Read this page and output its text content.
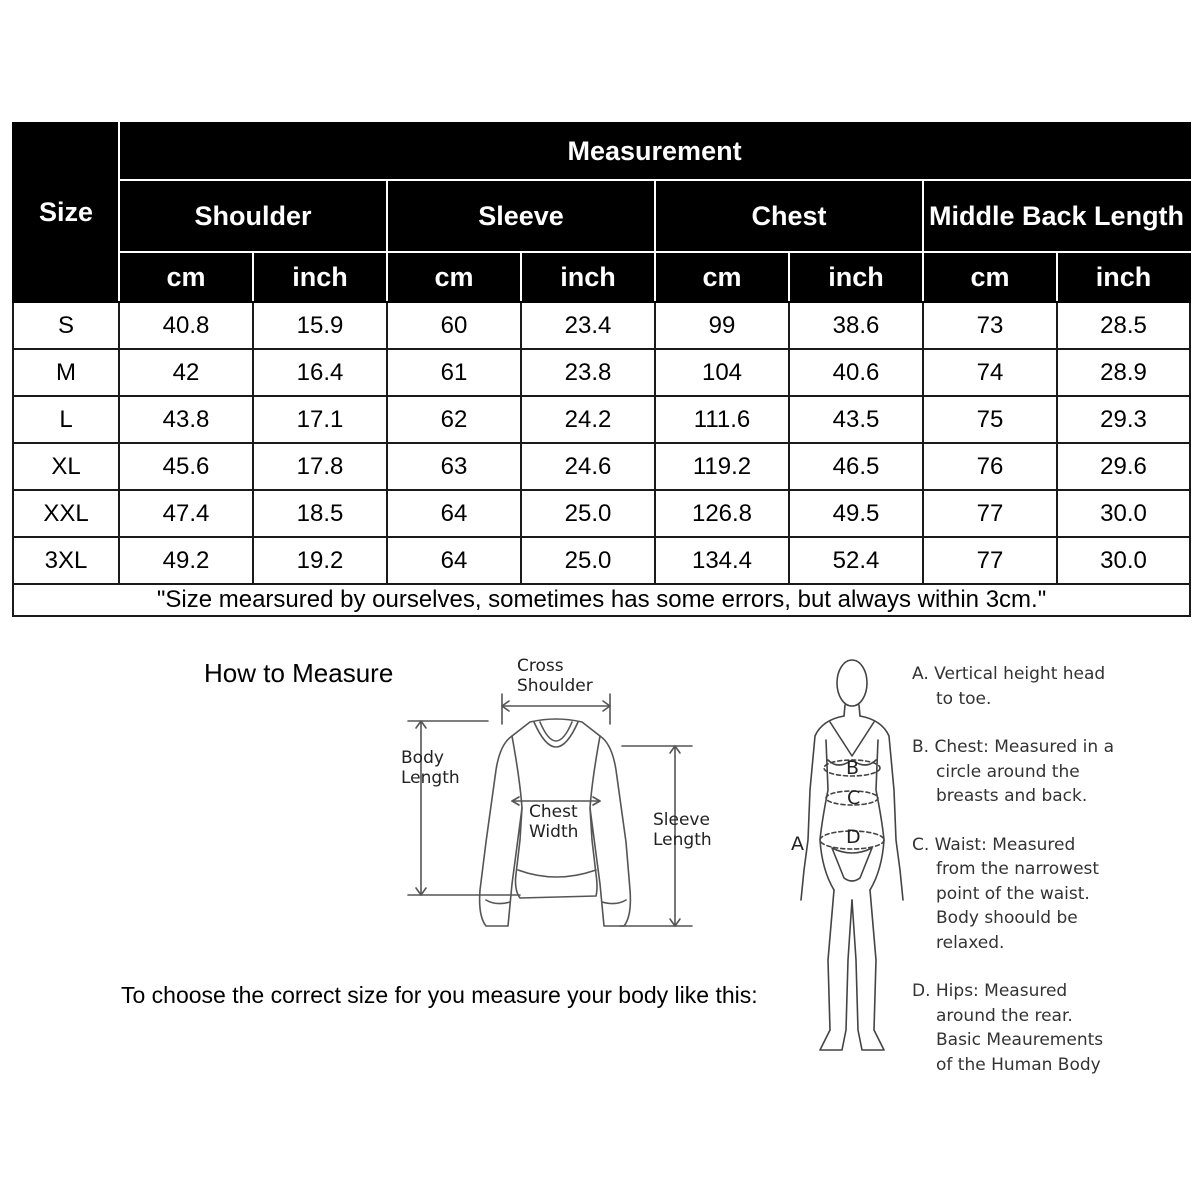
Size	Measurement							
	Shoulder		Sleeve		Chest		Middle Back Length	
	cm	inch	cm	inch	cm	inch	cm	inch
S	40.8	15.9	60	23.4	99	38.6	73	28.5
M	42	16.4	61	23.8	104	40.6	74	28.9
L	43.8	17.1	62	24.2	111.6	43.5	75	29.3
XL	45.6	17.8	63	24.6	119.2	46.5	76	29.6
XXL	47.4	18.5	64	25.0	126.8	49.5	77	30.0
3XL	49.2	19.2	64	25.0	134.4	52.4	77	30.0
"Size mearsured by ourselves, sometimes has some errors, but always within 3cm."								
How to Measure	Cross
Shoulder
Body
Length
Chest
Width
Sleeve
Length	A
B
C
D
A. Vertical height head
to toe.
B. Chest: Measured in a
circle around the
breasts and back.
C. Waist: Measured
from the narrowest
point of the waist.
Body shoould be
relaxed.
D. Hips: Measured
around the rear.
Basic Meaurements
of the Human Body
To choose the correct size for you measure your body like this:
